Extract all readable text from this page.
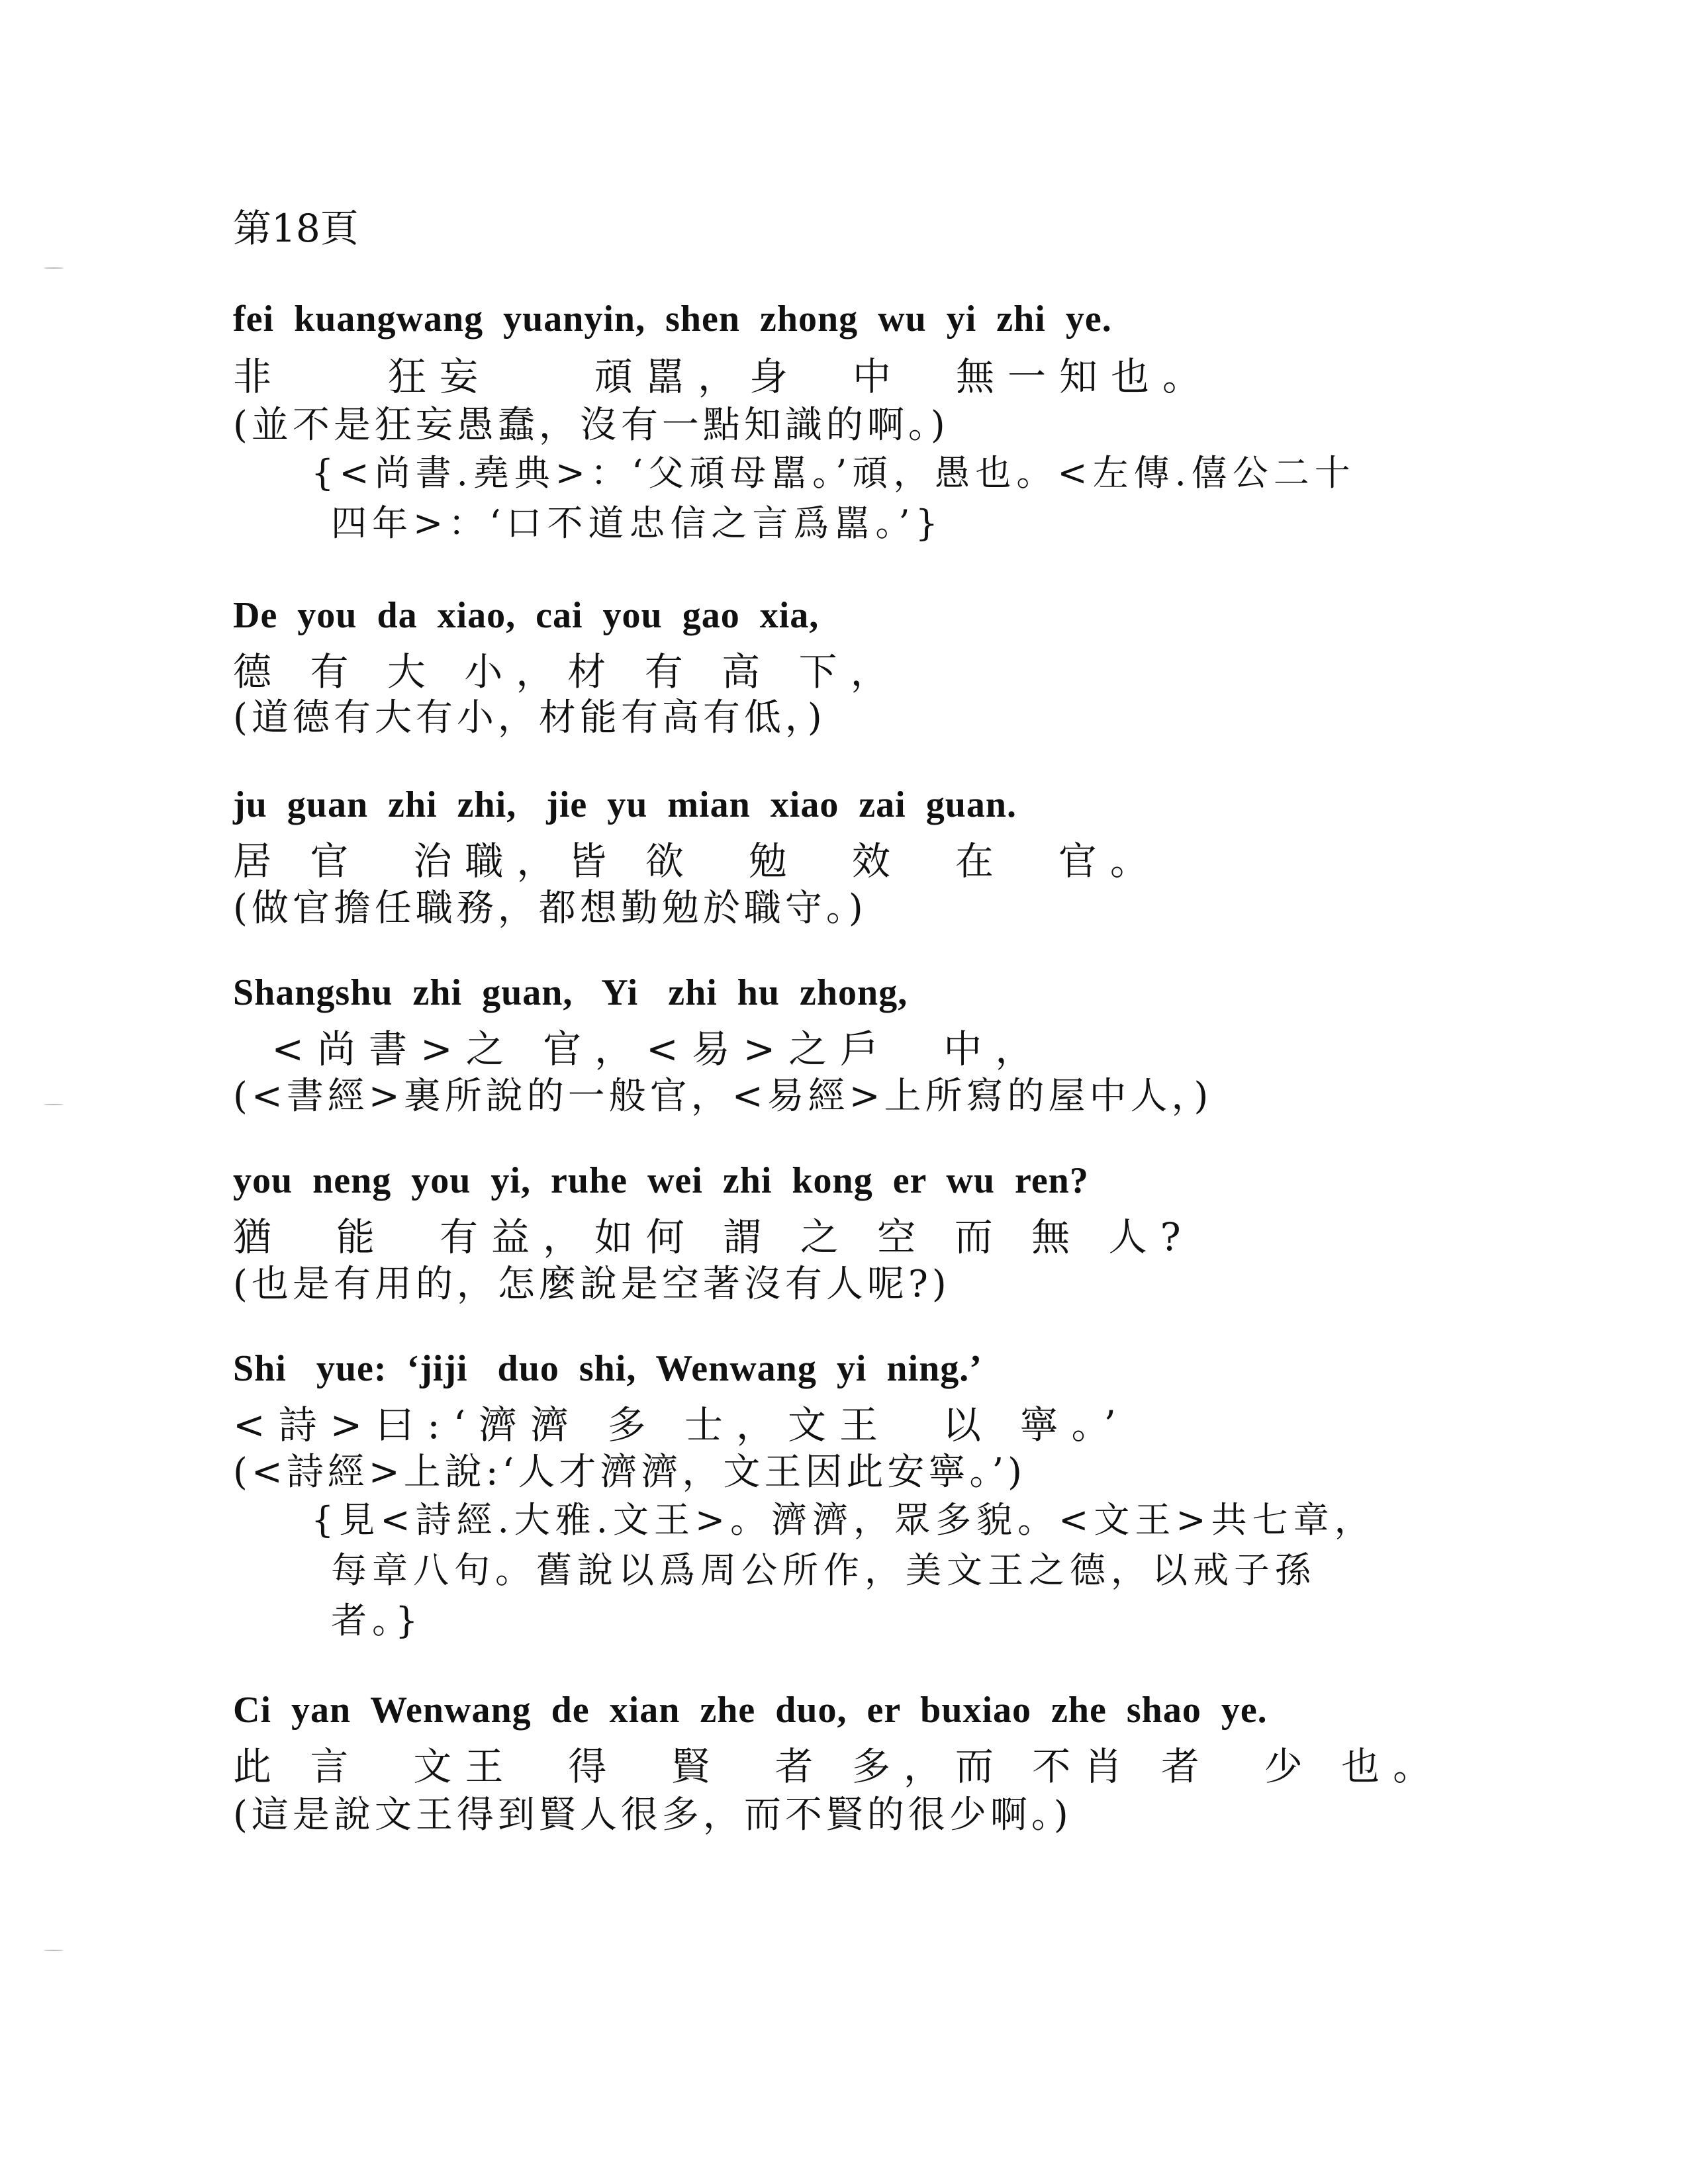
第18頁
fei  kuangwang  yuanyin,  shen  zhong  wu  yi  zhi  ye.
非　　狂妄　　頑嚚，身　中　無一知也。
(並不是狂妄愚蠢，沒有一點知識的啊。)
{<尚書.堯典>：‘父頑母嚚。’頑，愚也。<左傳.僖公二十
四年>：‘口不道忠信之言爲嚚。’}
De  you  da  xiao,  cai  you  gao  xia,
德 有 大 小，材 有 高 下，
(道德有大有小，材能有高有低，)
ju  guan  zhi  zhi,   jie  yu  mian  xiao  zai  guan.
居 官　治職，皆 欲　勉　效　在　官。
(做官擔任職務，都想勤勉於職守。)
Shangshu  zhi  guan,   Yi   zhi  hu  zhong,
<尚書>之 官，<易>之戶　中，
(<書經>裏所說的一般官，<易經>上所寫的屋中人，)
you  neng  you  yi,  ruhe  wei  zhi  kong  er  wu  ren?
猶　能　有益，如何 謂 之 空 而 無 人?
(也是有用的，怎麼說是空著沒有人呢?)
Shi   yue:  ‘jiji   duo  shi,  Wenwang  yi  ning.’
<詩>曰:‘濟濟 多 士，文王　以 寧。’
(<詩經>上說:‘人才濟濟，文王因此安寧。’)
{見<詩經.大雅.文王>。濟濟，眾多貌。<文王>共七章，
每章八句。舊說以爲周公所作，美文王之德，以戒子孫
者。}
Ci  yan  Wenwang  de  xian  zhe  duo,  er  buxiao  zhe  shao  ye.
此 言　文王　得　賢　者 多，而 不肖 者　少 也。
(這是說文王得到賢人很多，而不賢的很少啊。)
